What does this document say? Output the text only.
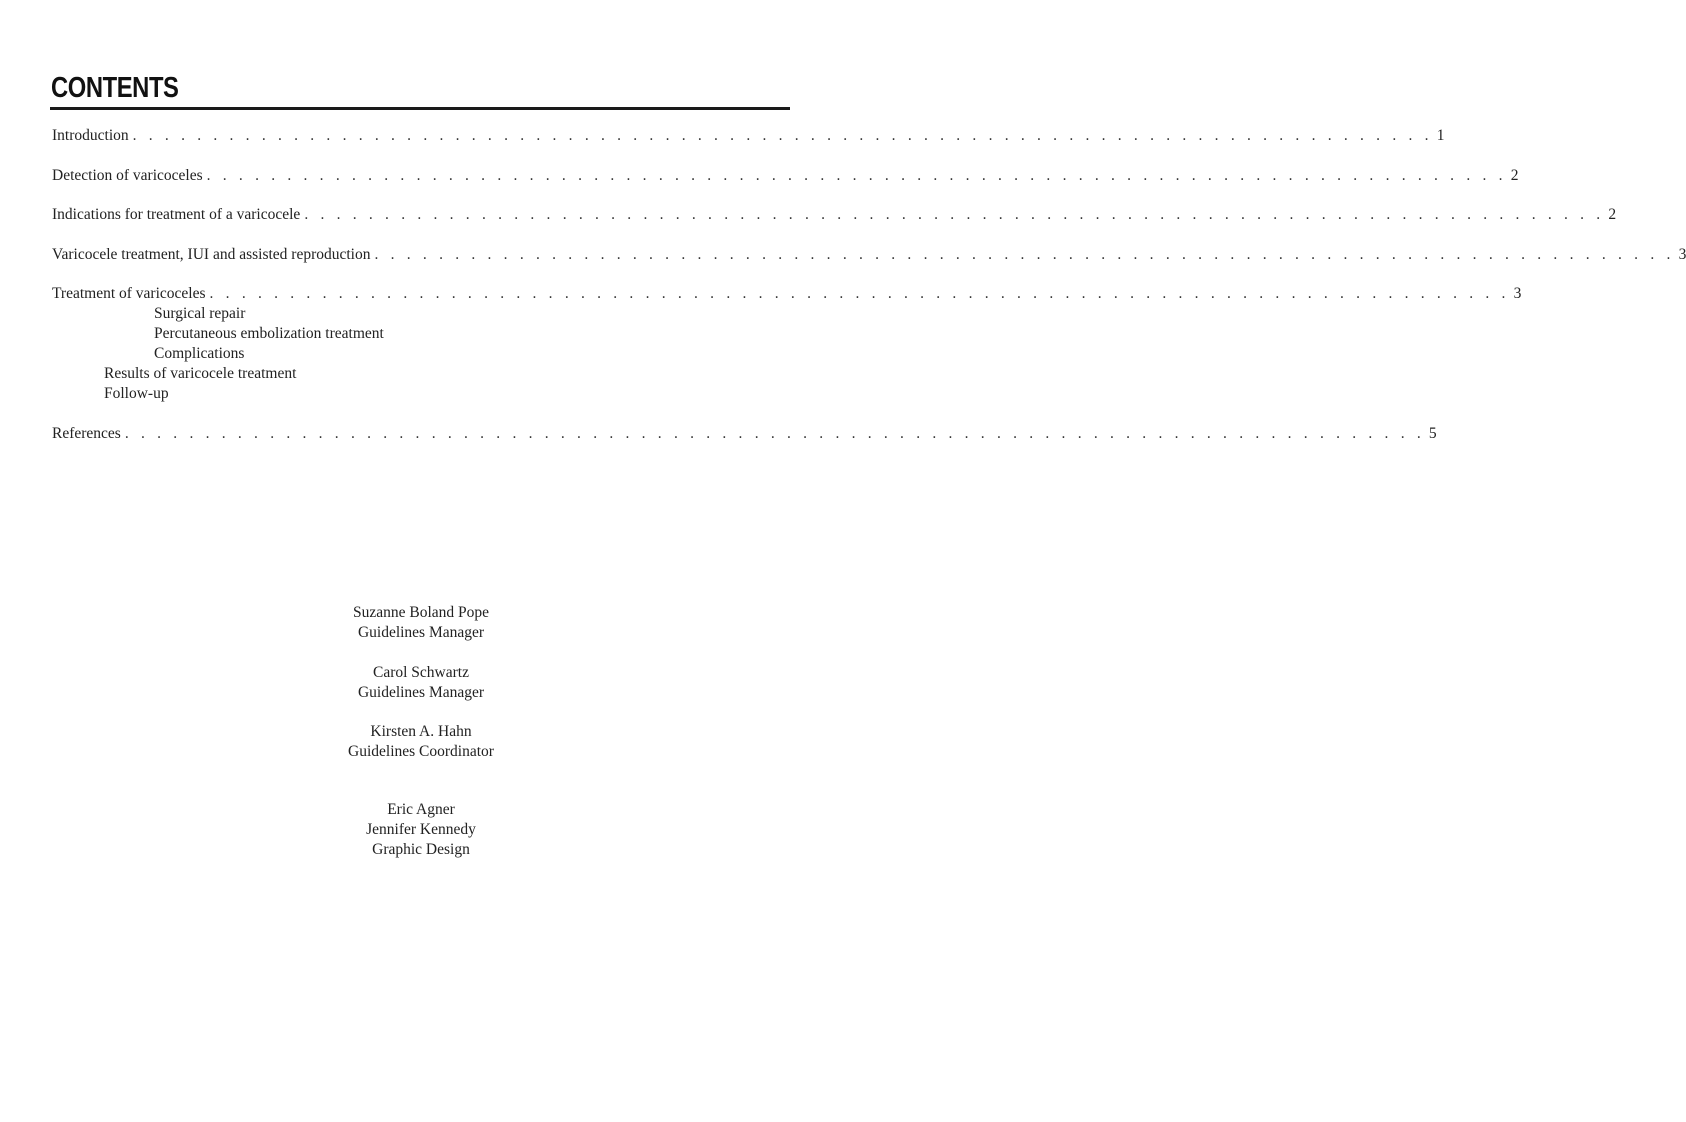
CONTENTS
Introduction . . . . . . . . . . . . . . . . . . . . . . . . . . . . . . . . . . . . . . . . . . . . . . . . . . . . . . . . . . . . . . . . . . . . . . . . . . . . . . . . . 1
Detection of varicoceles . . . . . . . . . . . . . . . . . . . . . . . . . . . . . . . . . . . . . . . . . . . . . . . . . . . . . . . . . . . . . . . . . . . . . . . . . . . . . . . . . 2
Indications for treatment of a varicocele . . . . . . . . . . . . . . . . . . . . . . . . . . . . . . . . . . . . . . . . . . . . . . . . . . . . . . . . . . . . . . . . . . . . . . . . . . . . . . . . . 2
Varicocele treatment, IUI and assisted reproduction . . . . . . . . . . . . . . . . . . . . . . . . . . . . . . . . . . . . . . . . . . . . . . . . . . . . . . . . . . . . . . . . . . . . . . . . . . . . . . . . . 3
Treatment of varicoceles . . . . . . . . . . . . . . . . . . . . . . . . . . . . . . . . . . . . . . . . . . . . . . . . . . . . . . . . . . . . . . . . . . . . . . . . . . . . . . . . . 3
Surgical repair
Percutaneous embolization treatment
Complications
Results of varicocele treatment
Follow-up
References . . . . . . . . . . . . . . . . . . . . . . . . . . . . . . . . . . . . . . . . . . . . . . . . . . . . . . . . . . . . . . . . . . . . . . . . . . . . . . . . . 5
Suzanne Boland Pope
Guidelines Manager
Carol Schwartz
Guidelines Manager
Kirsten A. Hahn
Guidelines Coordinator
Eric Agner
Jennifer Kennedy
Graphic Design
